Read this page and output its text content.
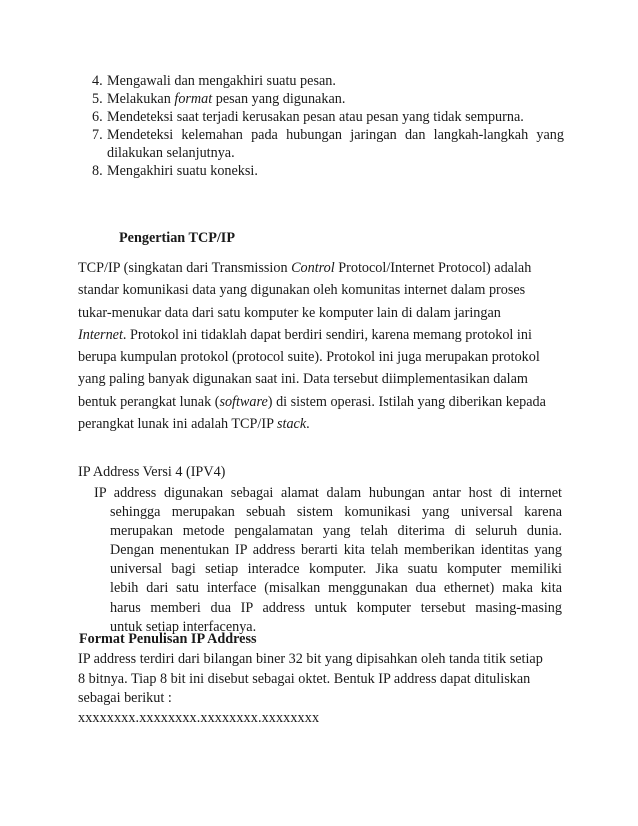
4. Mengawali dan mengakhiri suatu pesan.
5. Melakukan format pesan yang digunakan.
6. Mendeteksi saat terjadi kerusakan pesan atau pesan yang tidak sempurna.
7. Mendeteksi kelemahan pada hubungan jaringan dan langkah-langkah yang
dilakukan selanjutnya.
8. Mengakhiri suatu koneksi.
Pengertian TCP/IP
TCP/IP (singkatan dari Transmission Control Protocol/Internet Protocol) adalah
standar komunikasi data yang digunakan oleh komunitas internet dalam proses
tukar-menukar data dari satu komputer ke komputer lain di dalam jaringan
Internet. Protokol ini tidaklah dapat berdiri sendiri, karena memang protokol ini
berupa kumpulan protokol (protocol suite). Protokol ini juga merupakan protokol
yang paling banyak digunakan saat ini. Data tersebut diimplementasikan dalam
bentuk perangkat lunak (software) di sistem operasi. Istilah yang diberikan kepada
perangkat lunak ini adalah TCP/IP stack.
IP Address Versi 4 (IPV4)
IP address digunakan sebagai alamat dalam hubungan antar host di internet
sehingga merupakan sebuah sistem komunikasi yang universal karena
merupakan metode pengalamatan yang telah diterima di seluruh dunia.
Dengan menentukan IP address berarti kita telah memberikan identitas yang
universal bagi setiap interadce komputer. Jika suatu komputer memiliki
lebih dari satu interface (misalkan menggunakan dua ethernet) maka kita
harus memberi dua IP address untuk komputer tersebut masing-masing
untuk setiap interfacenya.
Format Penulisan IP Address
IP address terdiri dari bilangan biner 32 bit yang dipisahkan oleh tanda titik setiap
8 bitnya. Tiap 8 bit ini disebut sebagai oktet. Bentuk IP address dapat dituliskan
sebagai berikut :
xxxxxxxx.xxxxxxxx.xxxxxxxx.xxxxxxxx
